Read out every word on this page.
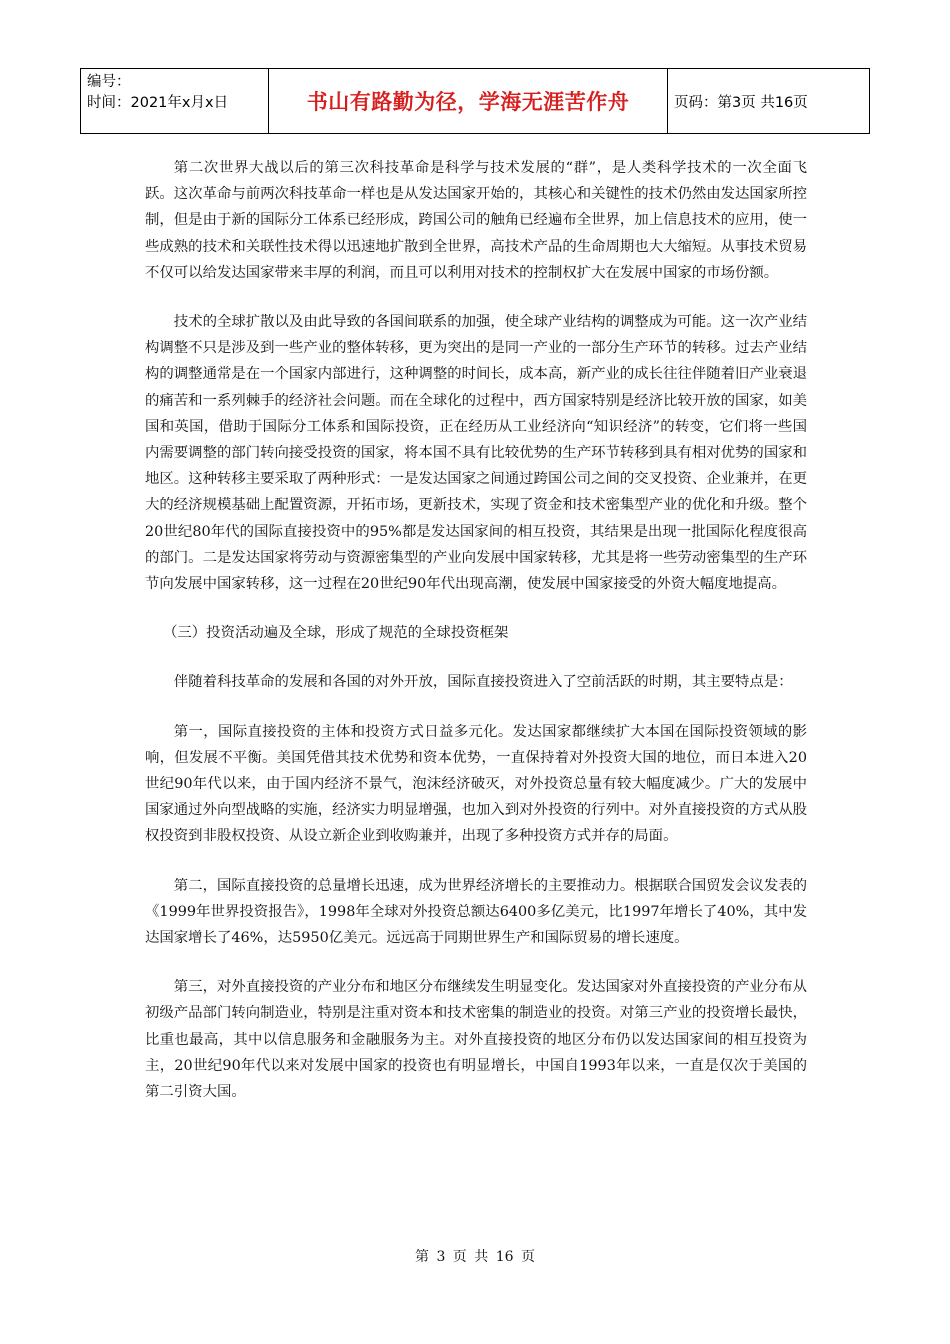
编号：
时间：2021年x月x日	书山有路勤为径，学海无涯苦作舟	页码：第3页 共16页

第二次世界大战以后的第三次科技革命是科学与技术发展的“群”，是人类科学技术的一次全面飞跃。这次革命与前两次科技革命一样也是从发达国家开始的，其核心和关键性的技术仍然由发达国家所控制，但是由于新的国际分工体系已经形成，跨国公司的触角已经遍布全世界，加上信息技术的应用，使一些成熟的技术和关联性技术得以迅速地扩散到全世界，高技术产品的生命周期也大大缩短。从事技术贸易不仅可以给发达国家带来丰厚的利润，而且可以利用对技术的控制权扩大在发展中国家的市场份额。

技术的全球扩散以及由此导致的各国间联系的加强，使全球产业结构的调整成为可能。这一次产业结构调整不只是涉及到一些产业的整体转移，更为突出的是同一产业的一部分生产环节的转移。过去产业结构的调整通常是在一个国家内部进行，这种调整的时间长，成本高，新产业的成长往往伴随着旧产业衰退的痛苦和一系列棘手的经济社会问题。而在全球化的过程中，西方国家特别是经济比较开放的国家，如美国和英国，借助于国际分工体系和国际投资，正在经历从工业经济向“知识经济”的转变，它们将一些国内需要调整的部门转向接受投资的国家，将本国不具有比较优势的生产环节转移到具有相对优势的国家和地区。这种转移主要采取了两种形式：一是发达国家之间通过跨国公司之间的交叉投资、企业兼并，在更大的经济规模基础上配置资源，开拓市场，更新技术，实现了资金和技术密集型产业的优化和升级。整个20世纪80年代的国际直接投资中的95%都是发达国家间的相互投资，其结果是出现一批国际化程度很高的部门。二是发达国家将劳动与资源密集型的产业向发展中国家转移，尤其是将一些劳动密集型的生产环节向发展中国家转移，这一过程在20世纪90年代出现高潮，使发展中国家接受的外资大幅度地提高。

（三）投资活动遍及全球，形成了规范的全球投资框架

伴随着科技革命的发展和各国的对外开放，国际直接投资进入了空前活跃的时期，其主要特点是：

第一，国际直接投资的主体和投资方式日益多元化。发达国家都继续扩大本国在国际投资领域的影响，但发展不平衡。美国凭借其技术优势和资本优势，一直保持着对外投资大国的地位，而日本进入20世纪90年代以来，由于国内经济不景气，泡沫经济破灭，对外投资总量有较大幅度减少。广大的发展中国家通过外向型战略的实施，经济实力明显增强，也加入到对外投资的行列中。对外直接投资的方式从股权投资到非股权投资、从设立新企业到收购兼并，出现了多种投资方式并存的局面。

第二，国际直接投资的总量增长迅速，成为世界经济增长的主要推动力。根据联合国贸发会议发表的《1999年世界投资报告》，1998年全球对外投资总额达6400多亿美元，比1997年增长了40%，其中发达国家增长了46%，达5950亿美元。远远高于同期世界生产和国际贸易的增长速度。

第三，对外直接投资的产业分布和地区分布继续发生明显变化。发达国家对外直接投资的产业分布从初级产品部门转向制造业，特别是注重对资本和技术密集的制造业的投资。对第三产业的投资增长最快，比重也最高，其中以信息服务和金融服务为主。对外直接投资的地区分布仍以发达国家间的相互投资为主，20世纪90年代以来对发展中国家的投资也有明显增长，中国自1993年以来，一直是仅次于美国的第二引资大国。

第 3 页 共 16 页
